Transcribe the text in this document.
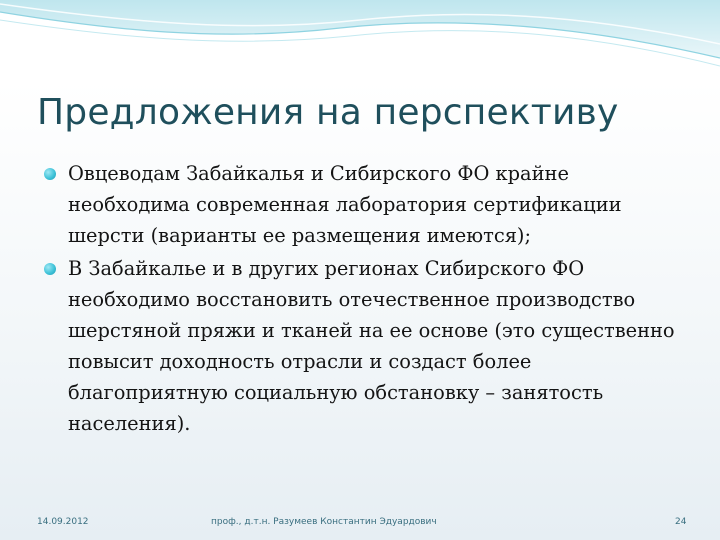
Предложения на перспективу
Овцеводам Забайкалья и Сибирского ФО крайне необходима современная лаборатория сертификации шерсти (варианты ее размещения имеются);
В Забайкалье и в других регионах Сибирского ФО необходимо восстановить отечественное производство шерстяной пряжи и тканей на ее основе (это существенно повысит доходность отрасли и создаст более благоприятную социальную обстановку – занятость населения).
14.09.2012	проф., д.т.н. Разумеев Константин Эдуардович	24
